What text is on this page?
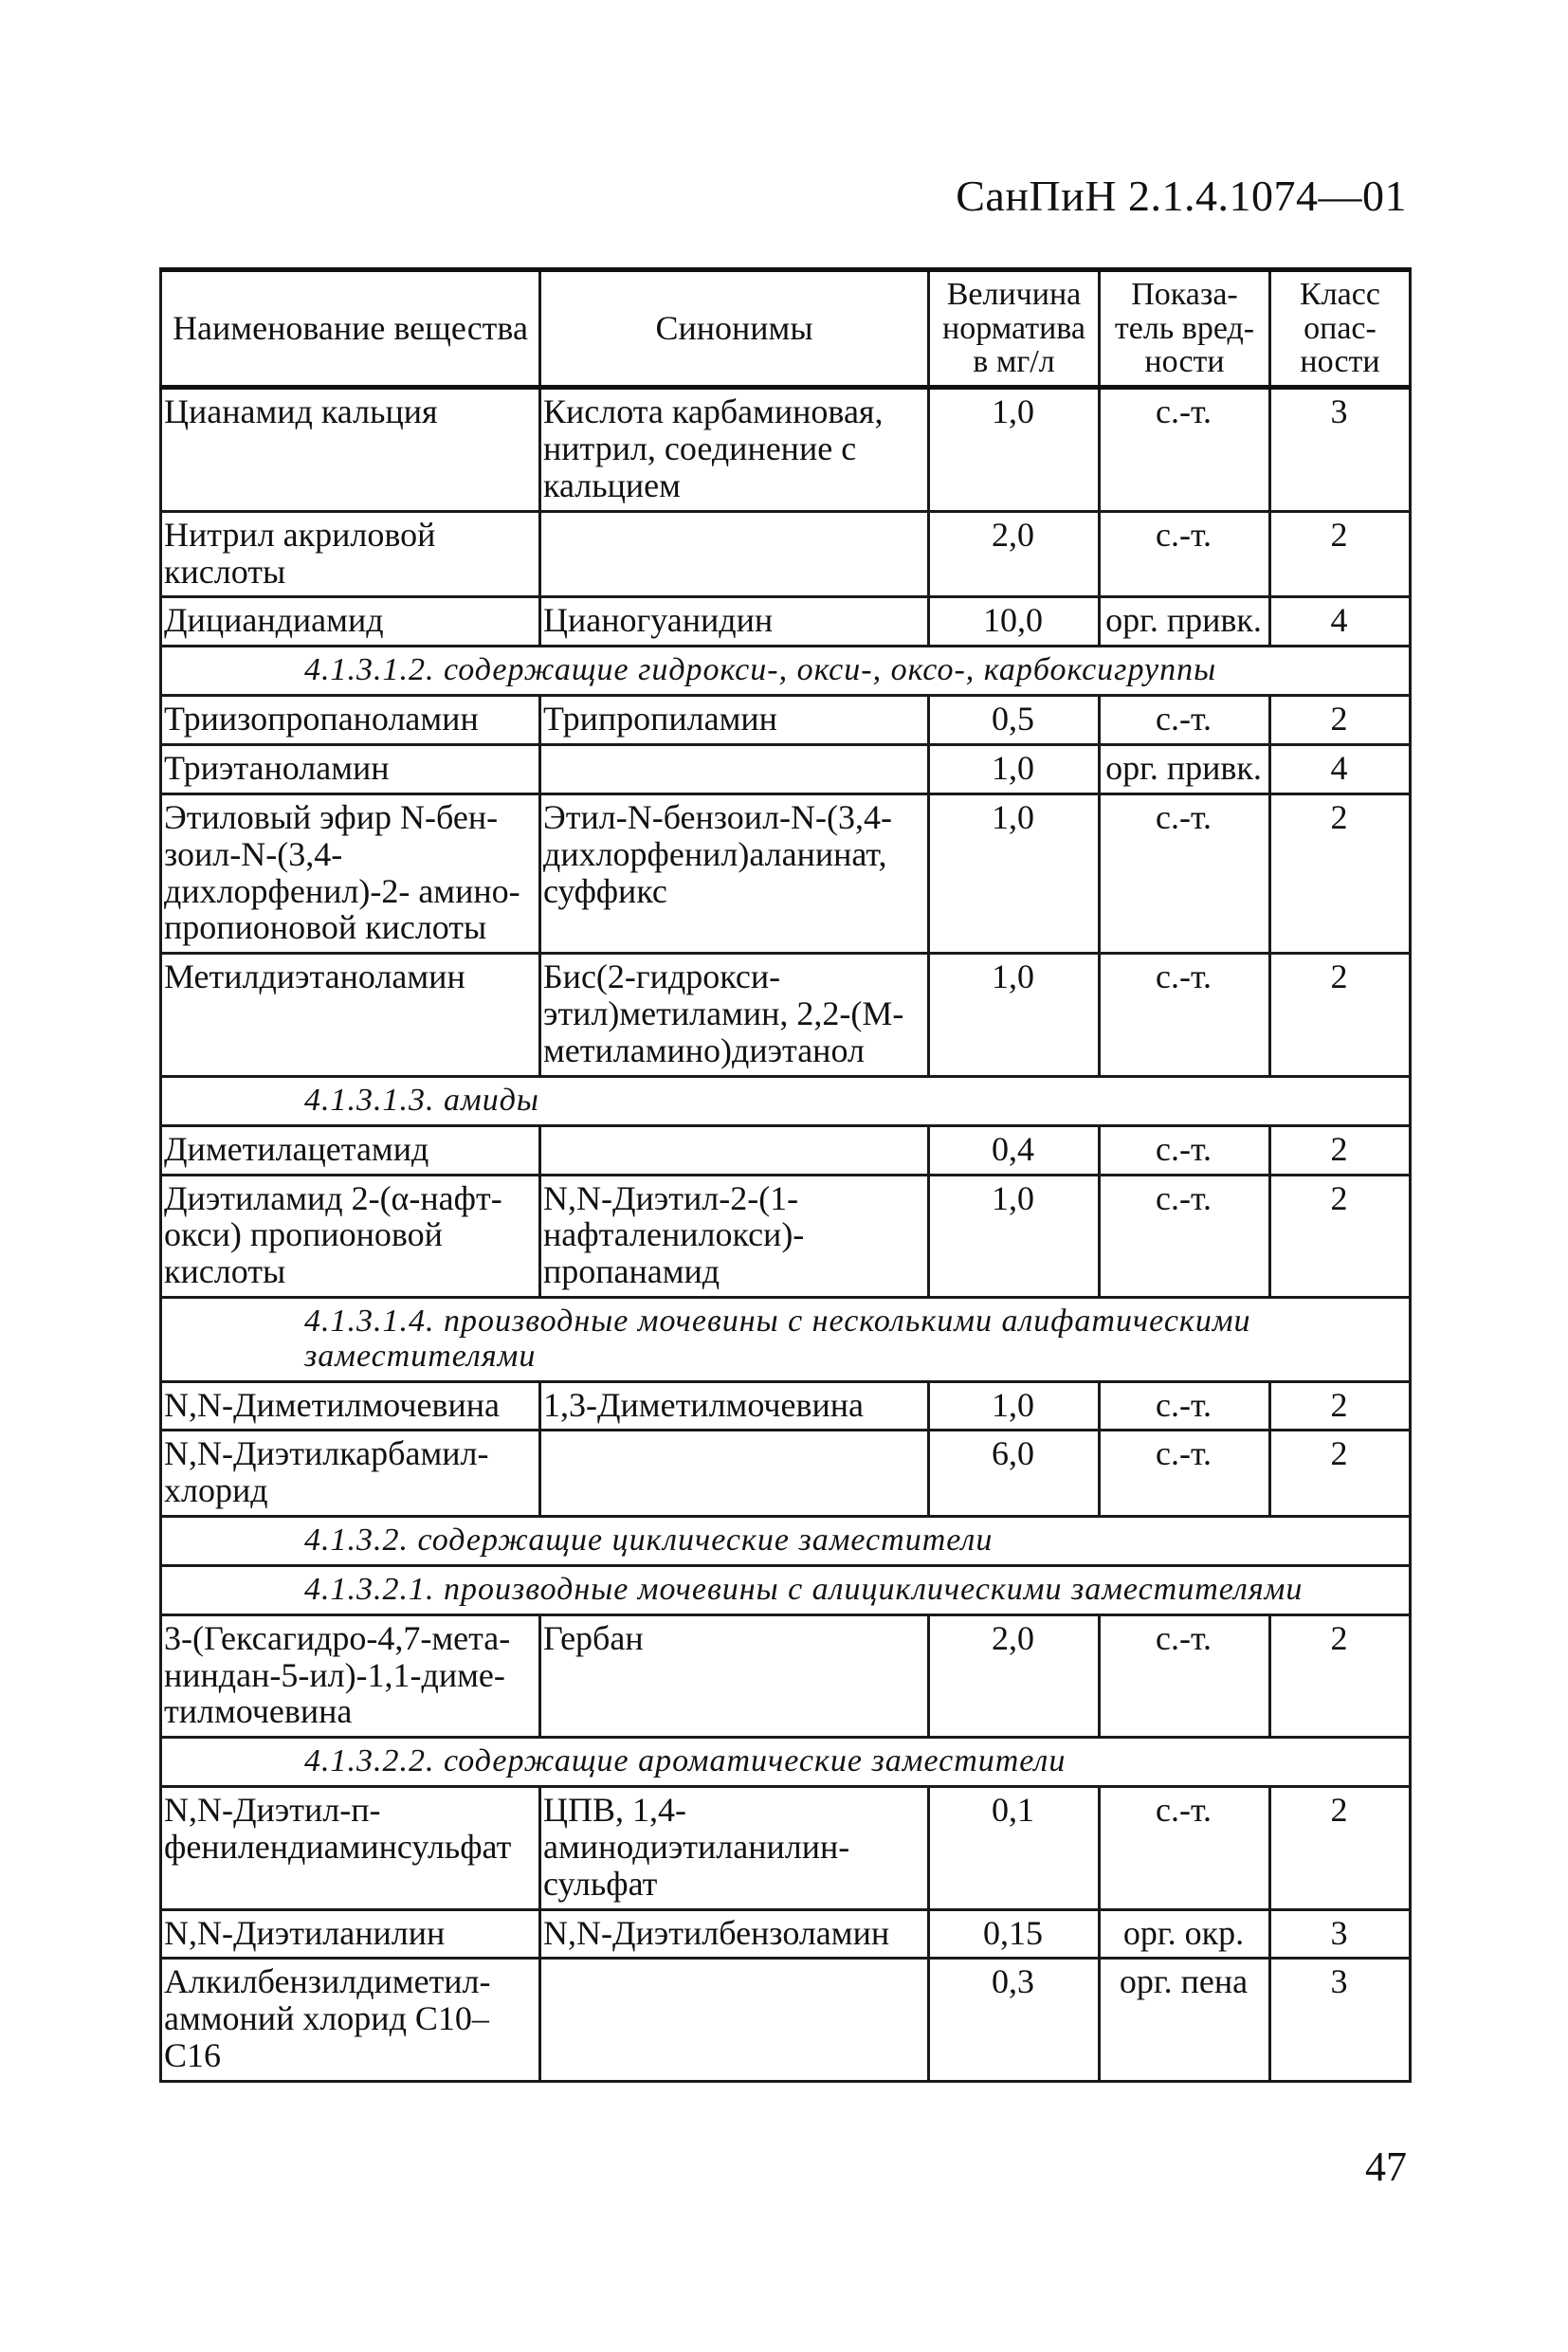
СанПиН 2.1.4.1074—01
Наименование вещества	Синонимы	Величина норматива в мг/л	Показа- тель вред- ности	Класс опас- ности
Цианамид кальция	Кислота карбаминовая, нитрил, соединение с кальцием	1,0	с.-т.	3
Нитрил акриловой кислоты		2,0	с.-т.	2
Дициандиамид	Цианогуанидин	10,0	орг. привк.	4
4.1.3.1.2. содержащие гидрокси-, окси-, оксо-, карбоксигруппы				
Триизопропаноламин	Трипропиламин	0,5	с.-т.	2
Триэтаноламин		1,0	орг. привк.	4
Этиловый эфир N-бен- зоил-N-(3,4- дихлорфенил)-2- амино- пропионовой кислоты	Этил-N-бензоил-N-(3,4- дихлорфенил)аланинат, суффикс	1,0	с.-т.	2
Метилдиэтаноламин	Бис(2-гидрокси- этил)метиламин, 2,2-(М- метиламино)диэтанол	1,0	с.-т.	2
4.1.3.1.3. амиды				
Диметилацетамид		0,4	с.-т.	2
Диэтиламид 2-(α-нафт- окси) пропионовой кислоты	N,N-Диэтил-2-(1- нафталенилокси)- пропанамид	1,0	с.-т.	2
4.1.3.1.4. производные мочевины с несколькими алифатическими заместителями				
N,N-Диметилмочевина	1,3-Диметилмочевина	1,0	с.-т.	2
N,N-Диэтилкарбамил- хлорид		6,0	с.-т.	2
4.1.3.2. содержащие циклические заместители				
4.1.3.2.1. производные мочевины с алициклическими заместителями				
3-(Гексагидро-4,7-мета- ниндан-5-ил)-1,1-диме- тилмочевина	Гербан	2,0	с.-т.	2
4.1.3.2.2. содержащие ароматические заместители				
N,N-Диэтил-п- фенилендиаминсульфат	ЦПВ, 1,4- аминодиэтиланилин- сульфат	0,1	с.-т.	2
N,N-Диэтиланилин	N,N-Диэтилбензоламин	0,15	орг. окр.	3
Алкилбензилдиметил- аммоний хлорид С10–С16		0,3	орг. пена	3
47
